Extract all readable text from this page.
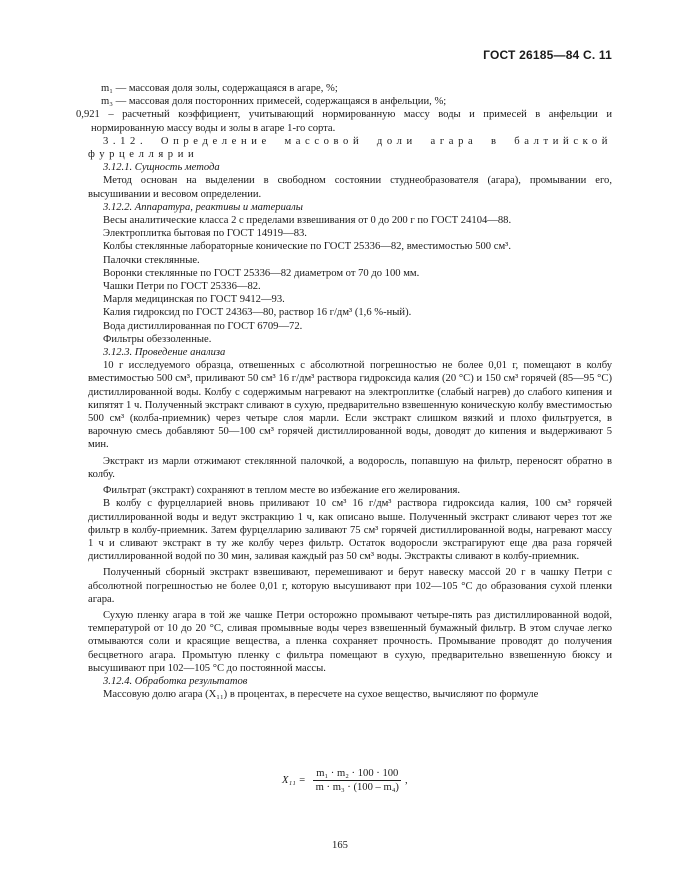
ГОСТ 26185—84 С. 11

m₁ — массовая доля золы, содержащаяся в агаре, %;

m₃ — массовая доля посторонних примесей, содержащаяся в анфельции, %;

0,921 – расчетный коэффициент, учитывающий нормированную массу воды и примесей в анфельции и нормированную массу воды и золы в агаре 1-го сорта.

3.12. Определение массовой доли агара в балтийской фурцеллярии

3.12.1. Сущность метода

Метод основан на выделении в свободном состоянии студнеобразователя (агара), промывании его, высушивании и весовом определении.

3.12.2. Аппаратура, реактивы и материалы

Весы аналитические класса 2 с пределами взвешивания от 0 до 200 г по ГОСТ 24104—88.

Электроплитка бытовая по ГОСТ 14919—83.

Колбы стеклянные лабораторные конические по ГОСТ 25336—82, вместимостью 500 см³.

Палочки стеклянные.

Воронки стеклянные по ГОСТ 25336—82 диаметром от 70 до 100 мм.

Чашки Петри по ГОСТ 25336—82.

Марля медицинская по ГОСТ 9412—93.

Калия гидроксид по ГОСТ 24363—80, раствор 16 г/дм³ (1,6 %-ный).

Вода дистиллированная по ГОСТ 6709—72.

Фильтры обеззоленные.

3.12.3. Проведение анализа

10 г исследуемого образца, отвешенных с абсолютной погрешностью не более 0,01 г, помещают в колбу вместимостью 500 см³, приливают 50 см³ 16 г/дм³ раствора гидроксида калия (20 °С) и 150 см³ горячей (85—95 °С) дистиллированной воды. Колбу с содержимым нагревают на электроплитке (слабый нагрев) до слабого кипения и кипятят 1 ч. Полученный экстракт сливают в сухую, предварительно взвешенную коническую колбу вместимостью 500 см³ (колба-приемник) через четыре слоя марли. Если экстракт слишком вязкий и плохо фильтруется, в варочную смесь добавляют 50—100 см³ горячей дистиллированной воды, доводят до кипения и выдерживают 5 мин.

Экстракт из марли отжимают стеклянной палочкой, а водоросль, попавшую на фильтр, переносят обратно в колбу.

Фильтрат (экстракт) сохраняют в теплом месте во избежание его желирования.

В колбу с фурцелларией вновь приливают 10 см³ 16 г/дм³ раствора гидроксида калия, 100 см³ горячей дистиллированной воды и ведут экстракцию 1 ч, как описано выше. Полученный экстракт сливают через тот же фильтр в колбу-приемник. Затем фурцелларию заливают 75 см³ горячей дистиллированной воды, нагревают массу 1 ч и сливают экстракт в ту же колбу через фильтр. Остаток водоросли экстрагируют еще два раза горячей дистиллированной водой по 30 мин, заливая каждый раз 50 см³ воды. Экстракты сливают в колбу-приемник.

Полученный сборный экстракт взвешивают, перемешивают и берут навеску массой 20 г в чашку Петри с абсолютной погрешностью не более 0,01 г, которую высушивают при 102—105 °С до образования сухой пленки агара.

Сухую пленку агара в той же чашке Петри осторожно промывают четыре-пять раз дистиллированной водой, температурой от 10 до 20 °С, сливая промывные воды через взвешенный бумажный фильтр. В этом случае легко отмываются соли и красящие вещества, а пленка сохраняет прочность. Промывание проводят до получения бесцветного агара. Промытую пленку с фильтра помещают в сухую, предварительно взвешенную бюксу и высушивают при 102—105 °С до постоянной массы.

3.12.4. Обработка результатов

Массовую долю агара (X₁₁) в процентах, в пересчете на сухое вещество, вычисляют по формуле

$X_{11} = \frac{\text{m₁ · m₂ · 100 · 100}}{\text{m · m₃ · (100 – m₄)}}$ ,
165
